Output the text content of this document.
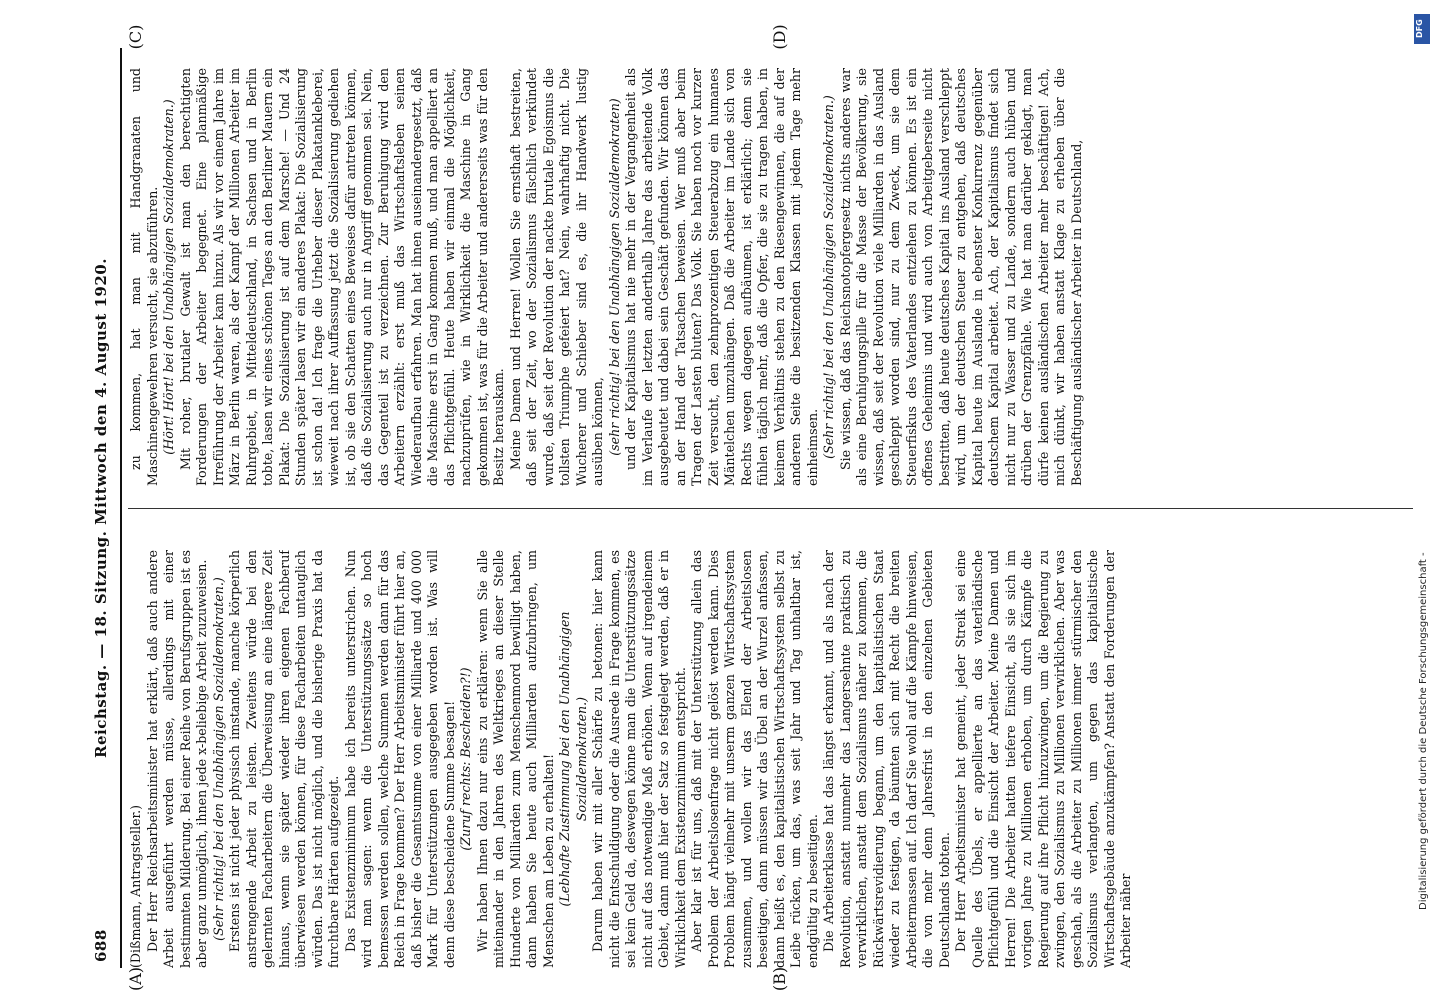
688
Reichstag. — 18. Sitzung. Mittwoch den 4. August 1920.

(Dißmann, Antragsteller.) Der Herr Reichsarbeitsminister hat erklärt, daß auch andere Arbeit ausgeführt werden müsse, allerdings mit einer bestimmten Milderung. Bei einer Reihe von Berufsgruppen ist es aber ganz unmöglich, ihnen jede x-beliebige Arbeit zuzuweisen. (Sehr richtig! bei den Unabhängigen Sozialdemokraten.) Erstens ist nicht jeder physisch imstande, manche körperlich anstrengende Arbeit zu leisten. Zweitens würde bei den gelernten Facharbeitern die Überweisung an eine längere Zeit hinaus, wenn sie später wieder ihren eigenen Fachberuf überwiesen werden können, für diese Facharbeiten untauglich würden. Das ist nicht möglich, und die bisherige Praxis hat da furchtbare Härten aufgezeigt. Das Existenzminimum habe ich bereits unterstrichen. Nun wird man sagen: wenn die Unterstützungssätze so hoch bemessen werden sollen, welche Summen werden dann für das Reich in Frage kommen? Der Herr Arbeitsminister führt hier an, daß bisher die Gesamtsumme von einer Milliarde und 400 000 Mark für Unterstützungen ausgegeben worden ist. Was will denn diese bescheidene Summe besagen! (Zuruf rechts: Bescheiden?!) Wir haben Ihnen dazu nur eins zu erklären: wenn Sie alle miteinander in den Jahren des Weltkrieges an dieser Stelle Hunderte von Milliarden zum Menschenmord bewilligt haben, dann haben Sie heute auch Milliarden aufzubringen, um Menschen am Leben zu erhalten! (Lebhafte Zustimmung bei den Unabhängigen Sozialdemokraten.) Darum haben wir mit aller Schärfe zu betonen: hier kann nicht die Entschuldigung oder die Ausrede in Frage kommen, es sei kein Geld da, deswegen könne man die Unterstützungssätze nicht auf das notwendige Maß erhöhen. Wenn auf irgendeinem Gebiet, dann muß hier der Satz so festgelegt werden, daß er in Wirklichkeit dem Existenzminimum entspricht. Aber klar ist für uns, daß mit der Unterstützung allein das Problem der Arbeitslosenfrage nicht gelöst werden kann. Dies Problem hängt vielmehr mit unserm ganzen Wirtschaftssystem zusammen, und wollen wir das Elend der Arbeitslosen beseitigen, dann müssen wir das Übel an der Wurzel anfassen, dann heißt es, den kapitalistischen Wirtschaftssystem selbst zu Leibe rücken, um das, was seit Jahr und Tag unhaltbar ist, endgültig zu beseitigen. Die Arbeiterklasse hat das längst erkannt, und als nach der Revolution, anstatt nunmehr das Langersehnte praktisch zu verwirklichen, anstatt dem Sozialismus näher zu kommen, die Rückwärtsrevidierung begann, um den kapitalistischen Staat wieder zu festigen, da bäumten sich mit Recht die breiten Arbeitermassen auf. Ich darf Sie wohl auf die Kämpfe hinweisen, die von mehr denn Jahresfrist in den einzelnen Gebieten Deutschlands tobten. Der Herr Arbeitsminister hat gemeint, jeder Streik sei eine Quelle des Übels, er appellierte an das vaterländische Pflichtgefühl und die Einsicht der Arbeiter. Meine Damen und Herren! Die Arbeiter hatten tiefere Einsicht, als sie sich im vorigen Jahre zu Millionen erhoben, um durch Kämpfe die Regierung auf ihre Pflicht hinzuzwingen, um die Regierung zu zwingen, den Sozialismus zu Millionen verwirklichen. Aber was geschah, als die Arbeiter zu Millionen immer stürmischer den Sozialismus verlangten, um gegen das kapitalistische Wirtschaftsgebäude anzukämpfen? Anstatt den Forderungen der Arbeiter näher

zu kommen, hat man mit Handgranaten und Maschinengewehren versucht, sie abzuführen. (Hört! Hört! bei den Unabhängigen Sozialdemokraten.) Mit roher, brutaler Gewalt ist man den berechtigten Forderungen der Arbeiter begegnet. Eine planmäßige Irreführung der Arbeiter kam hinzu. Als wir vor einem Jahre im März in Berlin waren, als der Kampf der Millionen Arbeiter im Ruhrgebiet, in Mitteldeutschland, in Sachsen und in Berlin tobte, lasen wir eines schönen Tages an den Berliner Mauern ein Plakat: Die Sozialisierung ist auf dem Marsche! — Und 24 Stunden später lasen wir ein anderes Plakat: Die Sozialisierung ist schon da! Ich frage die Urheber dieser Plakatankleberei, wieweit nach ihrer Auffassung jetzt die Sozialisierung gediehen ist, ob sie den Schatten eines Beweises dafür antreten können, daß die Sozialisierung auch nur in Angriff genommen sei. Nein, das Gegenteil ist zu verzeichnen. Zur Beruhigung wird den Arbeitern erzählt: erst muß das Wirtschaftsleben seinen Wiederaufbau erfahren. Man hat ihnen auseinandergesetzt, daß die Maschine erst in Gang kommen muß, und man appelliert an das Pflichtgefühl. Heute haben wir einmal die Möglichkeit, nachzuprüfen, wie in Wirklichkeit die Maschine in Gang gekommen ist, was für die Arbeiter und andererseits was für den Besitz herauskam. Meine Damen und Herren! Wollen Sie ernsthaft bestreiten, daß seit der Zeit, wo der Sozialismus fälschlich verkündet wurde, daß seit der Revolution der nackte brutale Egoismus die tollsten Triumphe gefeiert hat? Nein, wahrhaftig nicht. Die Wucherer und Schieber sind es, die ihr Handwerk lustig ausüben können, (sehr richtig! bei den Unabhängigen Sozialdemokraten) und der Kapitalismus hat nie mehr in der Vergangenheit als im Verlaufe der letzten anderthalb Jahre das arbeitende Volk ausgebeutet und dabei sein Geschäft gefunden. Wir können das an der Hand der Tatsachen beweisen. Wer muß aber beim Tragen der Lasten bluten? Das Volk. Sie haben noch vor kurzer Zeit versucht, den zehnprozentigen Steuerabzug ein humanes Mäntelchen umzuhängen. Daß die Arbeiter im Lande sich von Rechts wegen dagegen aufbäumen, ist erklärlich; denn sie fühlen täglich mehr, daß die Opfer, die sie zu tragen haben, in keinem Verhältnis stehen zu den Riesengewinnen, die auf der anderen Seite die besitzenden Klassen mit jedem Tage mehr einheimsen. (Sehr richtig! bei den Unabhängigen Sozialdemokraten.) Sie wissen, daß das Reichsnotopfergesetz nichts anderes war als eine Beruhigungspille für die Masse der Bevölkerung, sie wissen, daß seit der Revolution viele Milliarden in das Ausland geschleppt worden sind, nur zu dem Zweck, um sie dem Steuerfiskus des Vaterlandes entziehen zu können. Es ist ein offenes Geheimnis und wird auch von Arbeitgeberseite nicht bestritten, daß heute deutsches Kapital ins Ausland verschleppt wird, um der deutschen Steuer zu entgehen, daß deutsches Kapital heute im Auslande in ebenster Konkurrenz gegenüber deutschem Kapital arbeitet. Ach, der Kapitalismus findet sich nicht nur zu Wasser und zu Lande, sondern auch hüben und drüben der Grenzpfähle. Wie hat man darüber geklagt, man dürfe keinen ausländischen Arbeiter mehr beschäftigen! Ach, mich dünkt, wir haben anstatt Klage zu erheben über die Beschäftigung ausländischer Arbeiter in Deutschland,

(A)	(B)
(C)	(D)	DFG
Digitalisierung gefördert durch die Deutsche Forschungsgemeinschaft -
